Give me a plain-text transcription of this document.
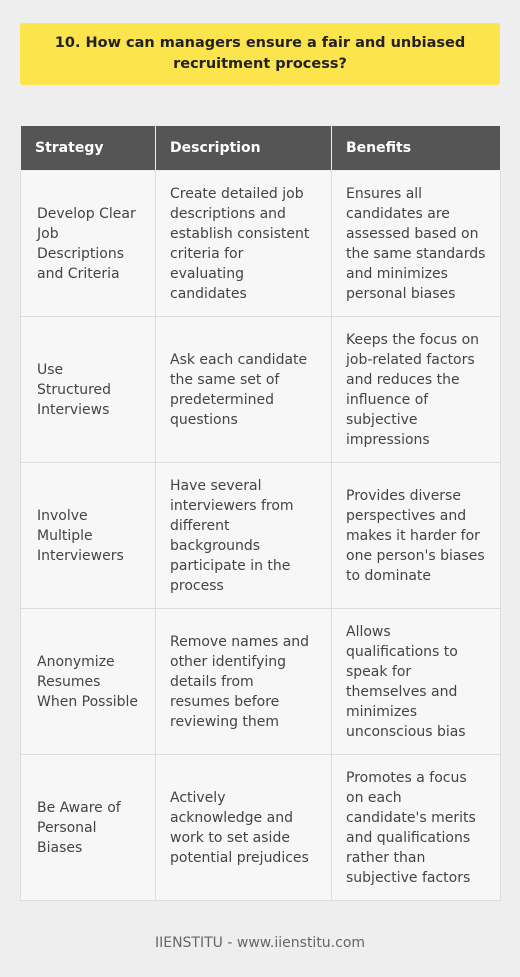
10. How can managers ensure a fair and unbiased recruitment process?
Strategy	Description	Benefits
Develop Clear Job Descriptions and Criteria	Create detailed job descriptions and establish consistent criteria for evaluating candidates	Ensures all candidates are assessed based on the same standards and minimizes personal biases
Use Structured Interviews	Ask each candidate the same set of predetermined questions	Keeps the focus on job-related factors and reduces the influence of subjective impressions
Involve Multiple Interviewers	Have several interviewers from different backgrounds participate in the process	Provides diverse perspectives and makes it harder for one person's biases to dominate
Anonymize Resumes When Possible	Remove names and other identifying details from resumes before reviewing them	Allows qualifications to speak for themselves and minimizes unconscious bias
Be Aware of Personal Biases	Actively acknowledge and work to set aside potential prejudices	Promotes a focus on each candidate's merits and qualifications rather than subjective factors
IIENSTITU - www.iienstitu.com
